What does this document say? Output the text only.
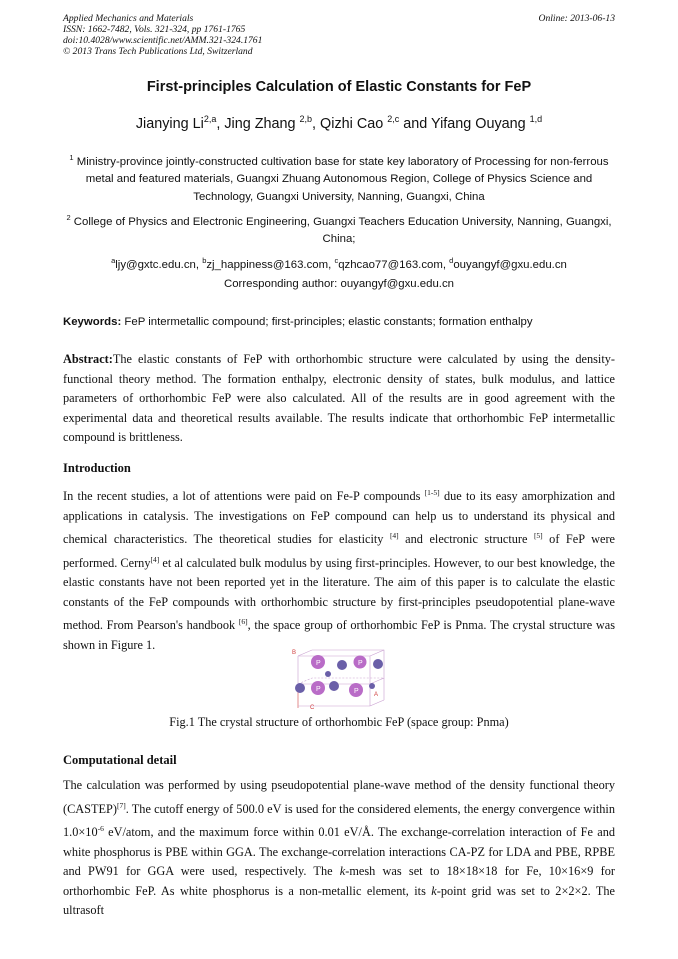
Applied Mechanics and Materials
ISSN: 1662-7482, Vols. 321-324, pp 1761-1765
doi:10.4028/www.scientific.net/AMM.321-324.1761
© 2013 Trans Tech Publications Ltd, Switzerland
Online: 2013-06-13
First-principles Calculation of Elastic Constants for FeP
Jianying Li$^{2,a}$, Jing Zhang $^{2,b}$, Qizhi Cao $^{2,c}$ and Yifang Ouyang $^{1,d}$
$^1$ Ministry-province jointly-constructed cultivation base for state key laboratory of Processing for non-ferrous metal and featured materials, Guangxi Zhuang Autonomous Region, College of Physics Science and Technology, Guangxi University, Nanning, Guangxi, China
$^2$ College of Physics and Electronic Engineering, Guangxi Teachers Education University, Nanning, Guangxi, China;
$^a$ljy@gxtc.edu.cn, $^b$zj_happiness@163.com, $^c$qzhcao77@163.com, $^d$ouyangyf@gxu.edu.cn
Corresponding author: ouyangyf@gxu.edu.cn
Keywords: FeP intermetallic compound; first-principles; elastic constants; formation enthalpy
Abstract:The elastic constants of FeP with orthorhombic structure were calculated by using the density-functional theory method. The formation enthalpy, electronic density of states, bulk modulus, and lattice parameters of orthorhombic FeP were also calculated. All of the results are in good agreement with the experimental data and theoretical results available. The results indicate that orthorhombic FeP intermetallic compound is brittleness.
Introduction
In the recent studies, a lot of attentions were paid on Fe-P compounds [1-5] due to its easy amorphization and applications in catalysis. The investigations on FeP compound can help us to understand its physical and chemical characteristics. The theoretical studies for elasticity [4] and electronic structure [5] of FeP were performed. Cerny[4] et al calculated bulk modulus by using first-principles. However, to our best knowledge, the elastic constants have not been reported yet in the literature. The aim of this paper is to calculate the elastic constants of the FeP compounds with orthorhombic structure by first-principles pseudopotential plane-wave method. From Pearson's handbook [6], the space group of orthorhombic FeP is Pnma. The crystal structure was shown in Figure 1.
P	P
P	P
B
A
C
Fig.1 The crystal structure of orthorhombic FeP (space group: Pnma)
Computational detail
The calculation was performed by using pseudopotential plane-wave method of the density functional theory (CASTEP)[7]. The cutoff energy of 500.0 eV is used for the considered elements, the energy convergence within $1.0\times 10^{-6}$ eV/atom, and the maximum force within 0.01 eV/Å. The exchange-correlation interaction of Fe and white phosphorus is PBE within GGA. The exchange-correlation interactions CA-PZ for LDA and PBE, RPBE and PW91 for GGA were used, respectively. The k-mesh was set to 18×18×18 for Fe, 10×16×9 for orthorhombic FeP. As white phosphorus is a non-metallic element, its k-point grid was set to 2×2×2. The ultrasoft
